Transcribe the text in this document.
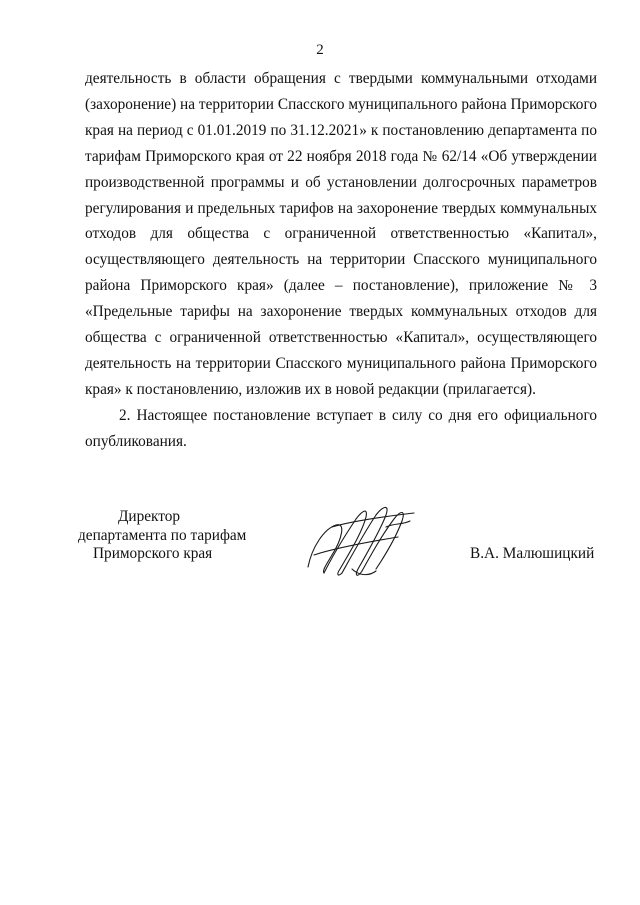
2

деятельность в области обращения с твердыми коммунальными отходами (захоронение) на территории Спасского муниципального района Приморского края на период с 01.01.2019 по 31.12.2021» к постановлению департамента по тарифам Приморского края от 22 ноября 2018 года № 62/14 «Об утверждении производственной программы и об установлении долгосрочных параметров регулирования и предельных тарифов на захоронение твердых коммунальных отходов для общества с ограниченной ответственностью «Капитал», осуществляющего деятельность на территории Спасского муниципального района Приморского края» (далее – постановление), приложение № 3 «Предельные тарифы на захоронение твердых коммунальных отходов для общества с ограниченной ответственностью «Капитал», осуществляющего деятельность на территории Спасского муниципального района Приморского края» к постановлению, изложив их в новой редакции (прилагается).

2. Настоящее постановление вступает в силу со дня его официального опубликования.

Директор
департамента по тарифам
Приморского края	В.А. Малюшицкий
